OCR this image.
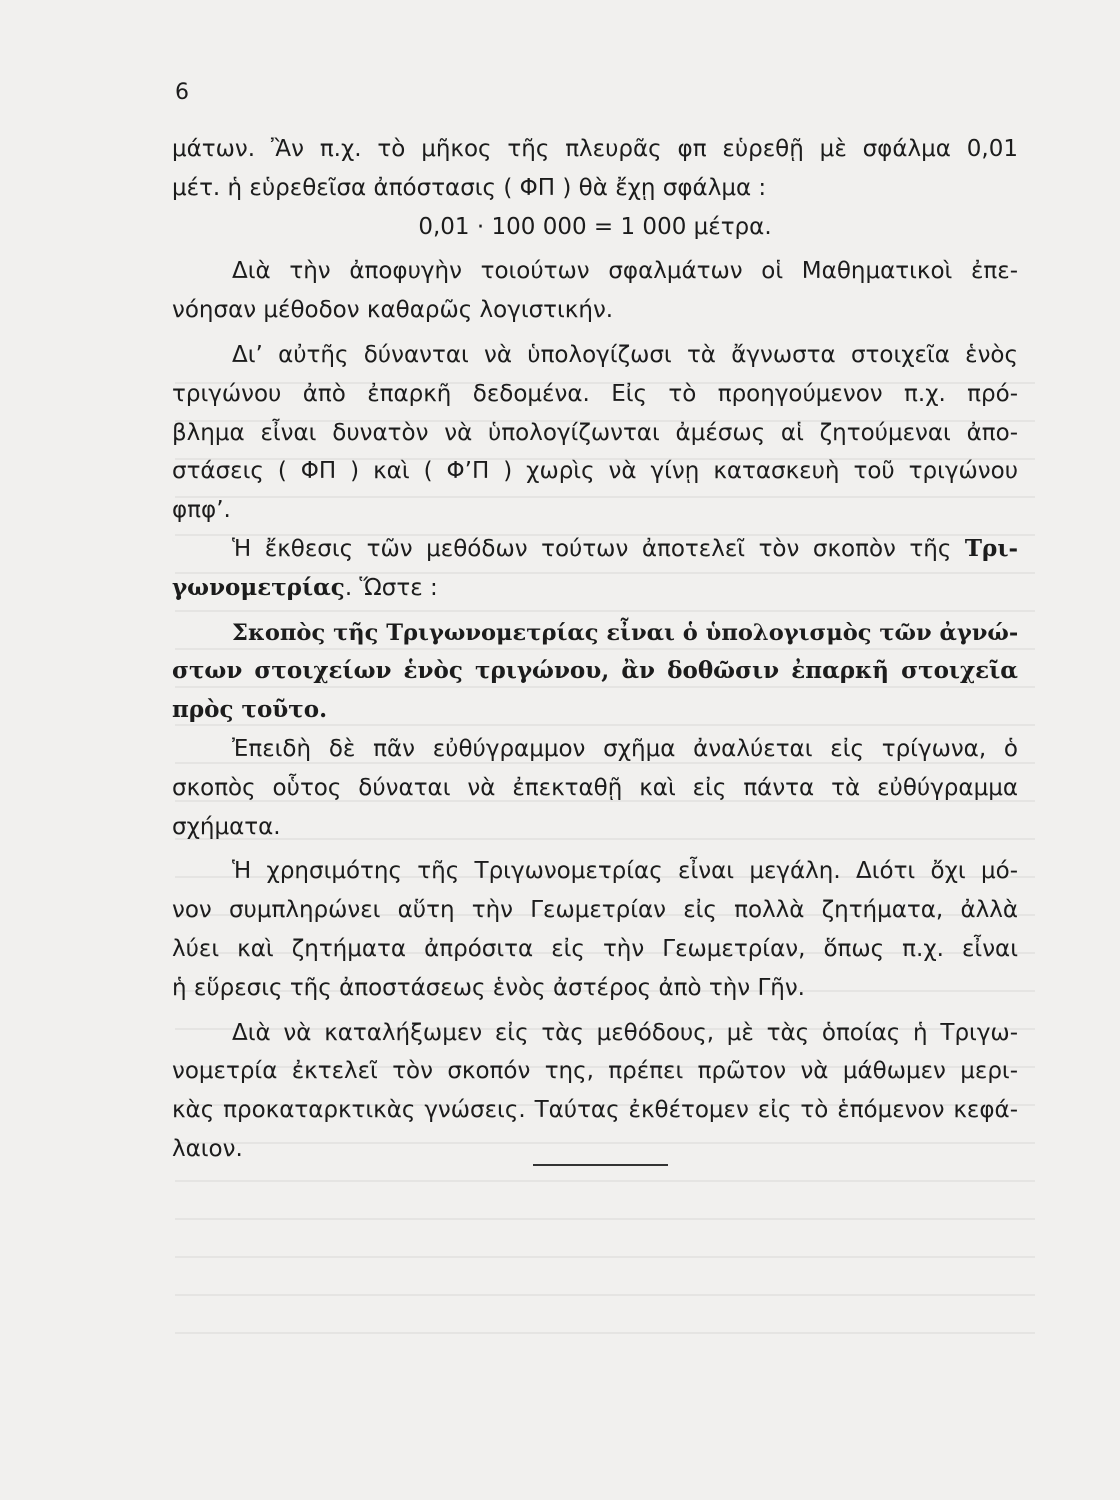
6
μάτων. Ἂν π.χ. τὸ μῆκος τῆς πλευρᾶς φπ εὑρεθῇ μὲ σφάλμα 0,01
μέτ. ἡ εὑρεθεῖσα ἀπόστασις ( ΦΠ ) θὰ ἔχῃ σφάλμα :
0,01 · 100 000 = 1 000 μέτρα.
Διὰ τὴν ἀποφυγὴν τοιούτων σφαλμάτων οἱ Μαθηματικοὶ ἐπε-
νόησαν μέθοδον καθαρῶς λογιστικήν.
Δι’ αὐτῆς δύνανται νὰ ὑπολογίζωσι τὰ ἄγνωστα στοιχεῖα ἑνὸς
τριγώνου ἀπὸ ἐπαρκῆ δεδομένα. Εἰς τὸ προηγούμενον π.χ. πρό-
βλημα εἶναι δυνατὸν νὰ ὑπολογίζωνται ἀμέσως αἱ ζητούμεναι ἀπο-
στάσεις ( ΦΠ ) καὶ ( Φ’Π ) χωρὶς νὰ γίνῃ κατασκευὴ τοῦ τριγώνου
φπφ’.
Ἡ ἔκθεσις τῶν μεθόδων τούτων ἀποτελεῖ τὸν σκοπὸν τῆς Τρι-
γωνομετρίας. Ὥστε :
Σκοπὸς τῆς Τριγωνομετρίας εἶναι ὁ ὑπολογισμὸς τῶν ἀγνώ-
στων στοιχείων ἑνὸς τριγώνου, ἂν δοθῶσιν ἐπαρκῆ στοιχεῖα
πρὸς τοῦτο.
Ἐπειδὴ δὲ πᾶν εὐθύγραμμον σχῆμα ἀναλύεται εἰς τρίγωνα, ὁ
σκοπὸς οὗτος δύναται νὰ ἐπεκταθῇ καὶ εἰς πάντα τὰ εὐθύγραμμα
σχήματα.
Ἡ χρησιμότης τῆς Τριγωνομετρίας εἶναι μεγάλη. Διότι ὄχι μό-
νον συμπληρώνει αὕτη τὴν Γεωμετρίαν εἰς πολλὰ ζητήματα, ἀλλὰ
λύει καὶ ζητήματα ἀπρόσιτα εἰς τὴν Γεωμετρίαν, ὅπως π.χ. εἶναι
ἡ εὕρεσις τῆς ἀποστάσεως ἑνὸς ἀστέρος ἀπὸ τὴν Γῆν.
Διὰ νὰ καταλήξωμεν εἰς τὰς μεθόδους, μὲ τὰς ὁποίας ἡ Τριγω-
νομετρία ἐκτελεῖ τὸν σκοπόν της, πρέπει πρῶτον νὰ μάθωμεν μερι-
κὰς προκαταρκτικὰς γνώσεις. Ταύτας ἐκθέτομεν εἰς τὸ ἑπόμενον κεφά-
λαιον.
